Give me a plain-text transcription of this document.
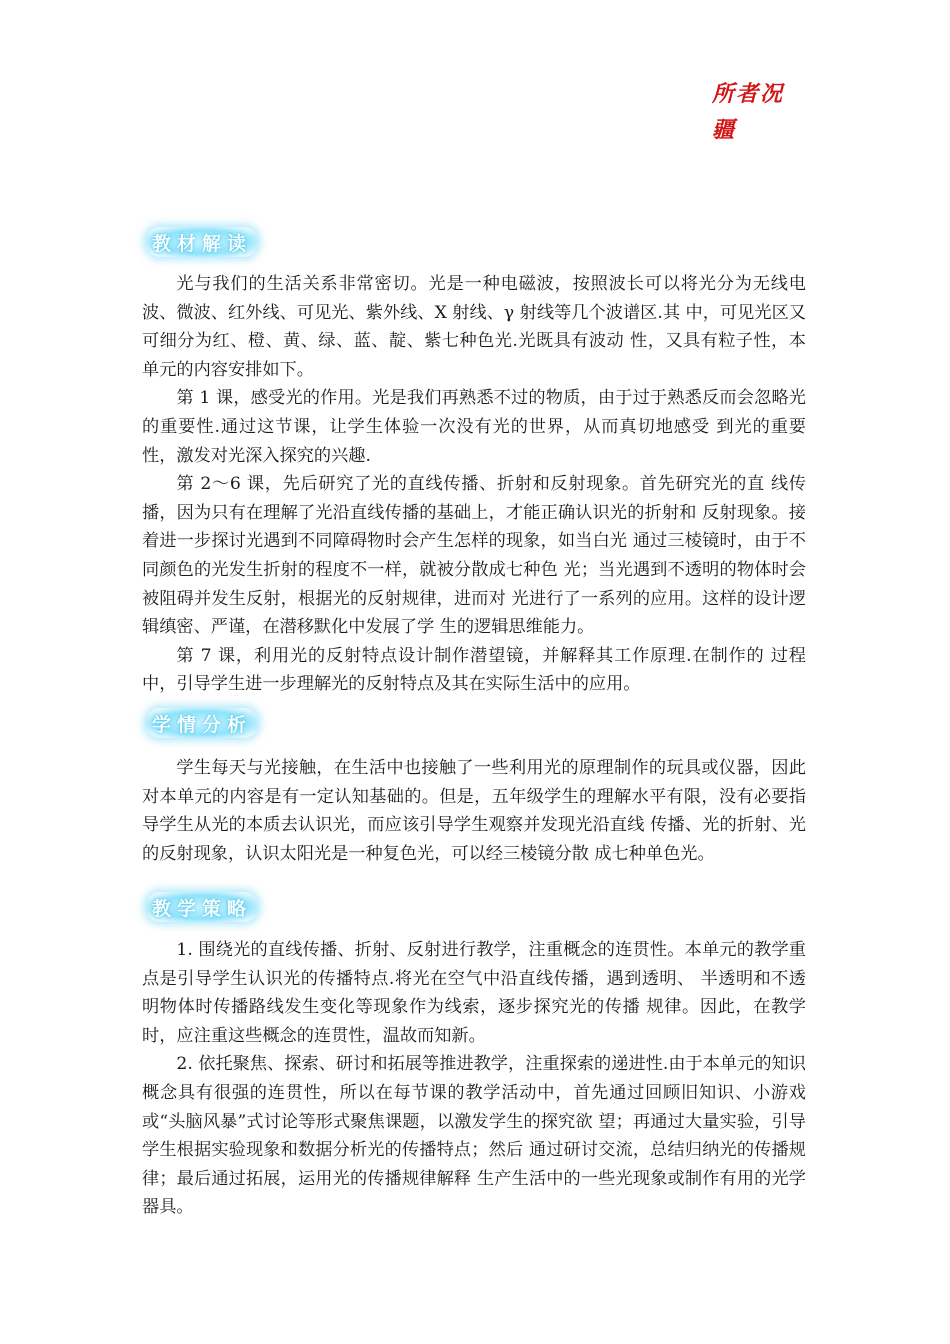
所者况
疆
教材解读

光与我们的生活关系非常密切。光是一种电磁波，按照波长可以将光分为无线电波、微波、红外线、可见光、紫外线、X 射线、γ 射线等几个波谱区.其 中，可见光区又可细分为红、橙、黄、绿、蓝、靛、紫七种色光.光既具有波动 性，又具有粒子性，本单元的内容安排如下。

第 1 课，感受光的作用。光是我们再熟悉不过的物质，由于过于熟悉反而会忽略光的重要性.通过这节课，让学生体验一次没有光的世界，从而真切地感受 到光的重要性，激发对光深入探究的兴趣.

第 2～6 课，先后研究了光的直线传播、折射和反射现象。首先研究光的直 线传播，因为只有在理解了光沿直线传播的基础上，才能正确认识光的折射和 反射现象。接着进一步探讨光遇到不同障碍物时会产生怎样的现象，如当白光 通过三棱镜时，由于不同颜色的光发生折射的程度不一样，就被分散成七种色 光；当光遇到不透明的物体时会被阻碍并发生反射，根据光的反射规律，进而对 光进行了一系列的应用。这样的设计逻辑缜密、严谨，在潜移默化中发展了学 生的逻辑思维能力。

第 7 课，利用光的反射特点设计制作潜望镜，并解释其工作原理.在制作的 过程中，引导学生进一步理解光的反射特点及其在实际生活中的应用。

学情分析

学生每天与光接触，在生活中也接触了一些利用光的原理制作的玩具或仪器，因此对本单元的内容是有一定认知基础的。但是，五年级学生的理解水平有限，没有必要指导学生从光的本质去认识光，而应该引导学生观察并发现光沿直线 传播、光的折射、光的反射现象，认识太阳光是一种复色光，可以经三棱镜分散 成七种单色光。

教学策略

1. 围绕光的直线传播、折射、反射进行教学，注重概念的连贯性。本单元的教学重点是引导学生认识光的传播特点.将光在空气中沿直线传播，遇到透明、 半透明和不透明物体时传播路线发生变化等现象作为线索，逐步探究光的传播 规律。因此，在教学时，应注重这些概念的连贯性，温故而知新。

2. 依托聚焦、探索、研讨和拓展等推进教学，注重探索的递进性.由于本单元的知识概念具有很强的连贯性，所以在每节课的教学活动中，首先通过回顾旧知识、小游戏或“头脑风暴”式讨论等形式聚焦课题，以激发学生的探究欲 望；再通过大量实验，引导学生根据实验现象和数据分析光的传播特点；然后 通过研讨交流，总结归纳光的传播规律；最后通过拓展，运用光的传播规律解释 生产生活中的一些光现象或制作有用的光学器具。
